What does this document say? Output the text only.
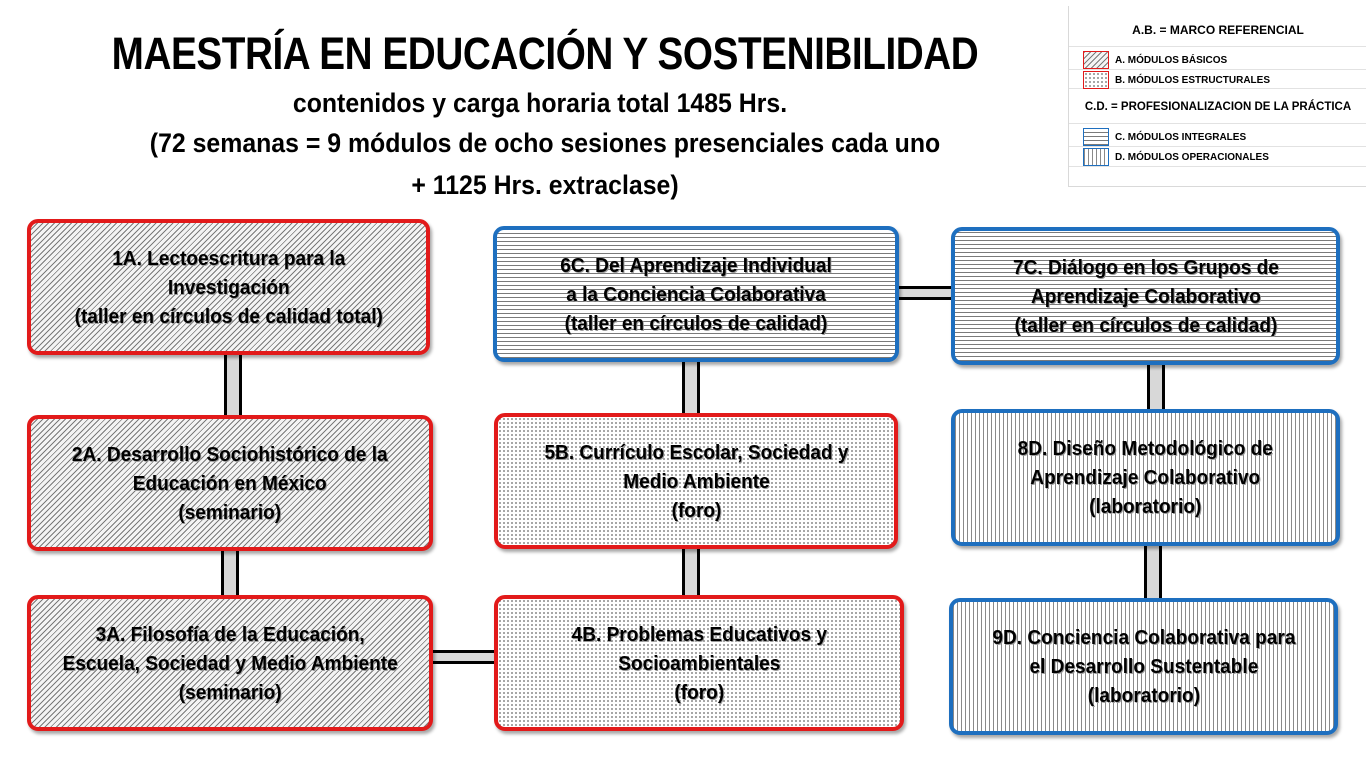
MAESTRÍA EN EDUCACIÓN Y SOSTENIBILIDAD
contenidos y carga horaria total 1485 Hrs.
(72 semanas = 9 módulos de ocho sesiones presenciales cada uno
+ 1125 Hrs. extraclase)
A.B. = MARCO REFERENCIAL
A. MÓDULOS BÁSICOS
B. MÓDULOS ESTRUCTURALES
C.D. = PROFESIONALIZACION DE LA PRÁCTICA
C. MÓDULOS INTEGRALES
D. MÓDULOS OPERACIONALES
1A. Lectoescritura para la
Investigación
(taller en círculos de calidad total)
2A. Desarrollo Sociohistórico de la
Educación en México
(seminario)
3A. Filosofía de la Educación,
Escuela, Sociedad y Medio Ambiente
(seminario)
4B. Problemas Educativos y
Socioambientales
(foro)
5B. Currículo Escolar, Sociedad y
Medio Ambiente
(foro)
6C. Del Aprendizaje Individual
a la Conciencia Colaborativa
(taller en círculos de calidad)
7C. Diálogo en los Grupos de
Aprendizaje Colaborativo
(taller en círculos de calidad)
8D. Diseño Metodológico de
Aprendizaje Colaborativo
(laboratorio)
9D. Conciencia Colaborativa para
el Desarrollo Sustentable
(laboratorio)
